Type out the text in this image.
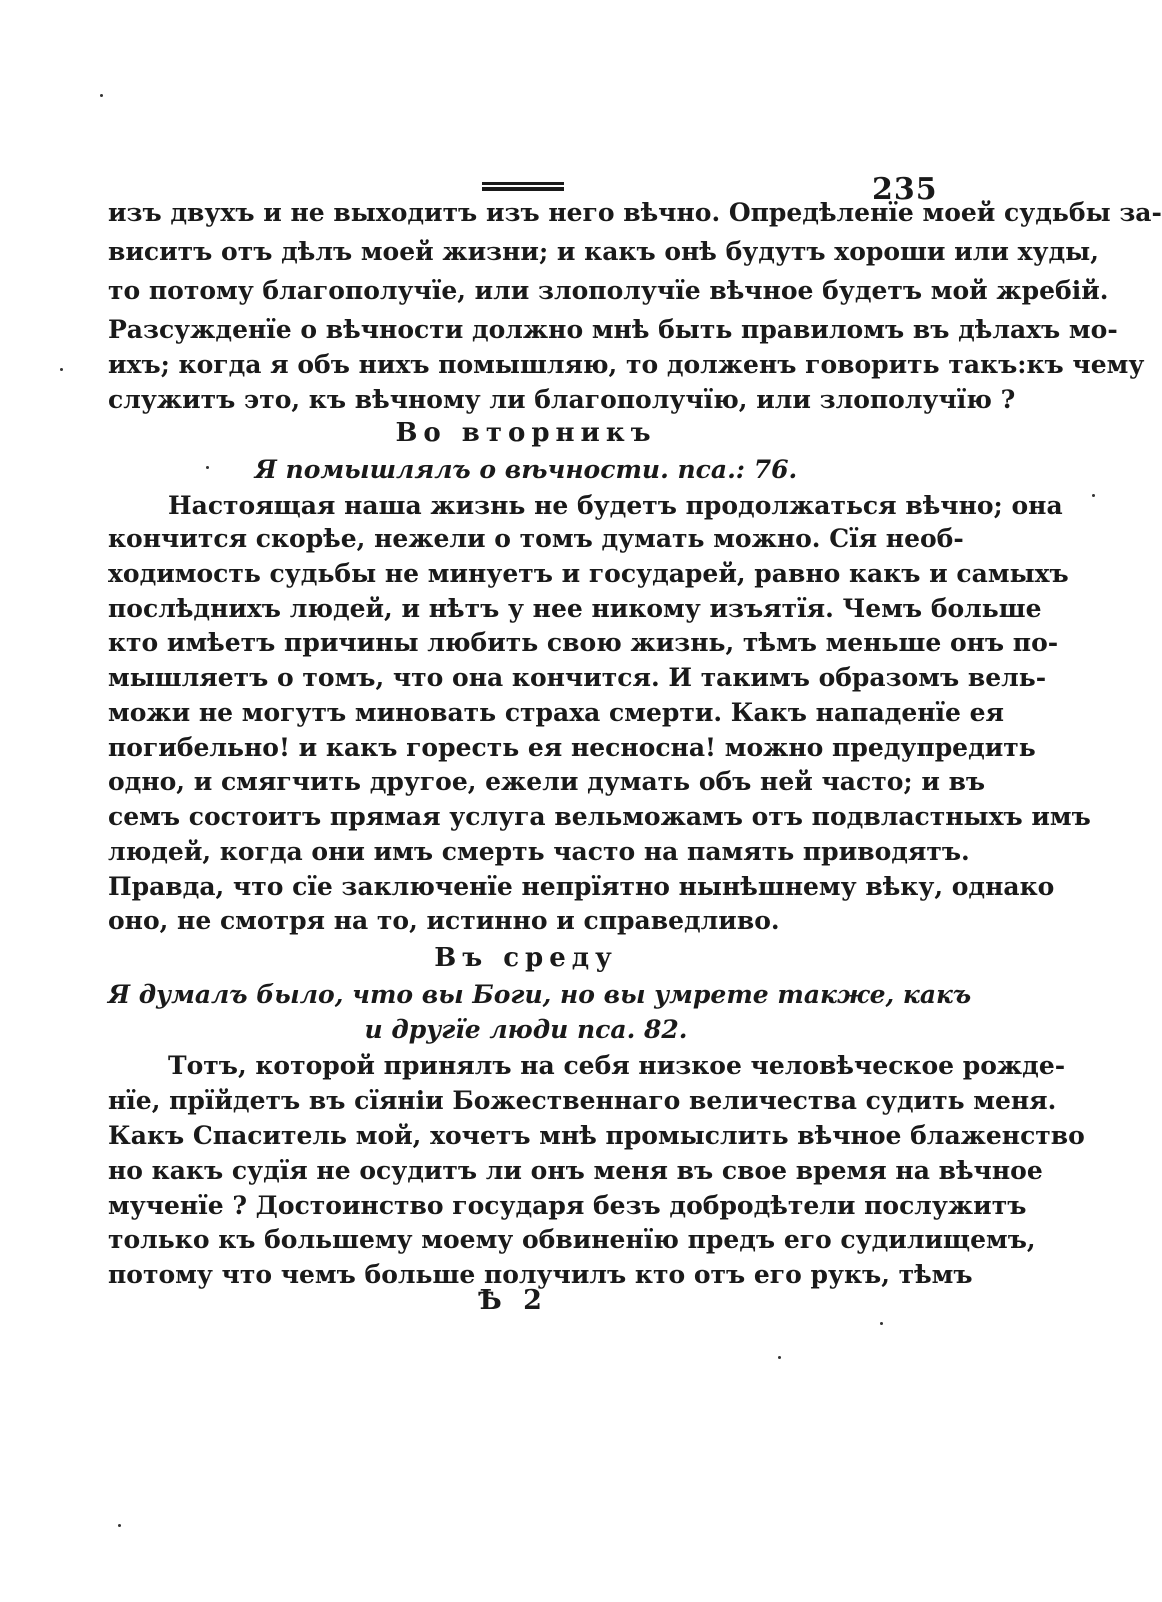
235
изъ двухъ и не выходитъ изъ него вѣчно. Опредѣленїе моей судьбы за-
виситъ отъ дѣлъ моей жизни; и какъ онѣ будутъ хороши или худы,
то потому благополучїе, или злополучїе вѣчное будетъ мой жребiй.
Разсужденїе о вѣчности должно мнѣ быть правиломъ въ дѣлахъ мо-
ихъ; когда я объ нихъ помышляю, то долженъ говорить такъ:къ чему
служитъ это, къ вѣчному ли благополучїю, или злополучїю ?
Во вторникъ
Я помышлялъ о вѣчности. пса.: 76.
Настоящая наша жизнь не будетъ продолжаться вѣчно; она
кончится скорѣе, нежели о томъ думать можно. Сїя необ-
ходимость судьбы не минуетъ и государей, равно какъ и самыхъ
послѣднихъ людей, и нѣтъ у нее никому изъятїя. Чемъ больше
кто имѣетъ причины любить свою жизнь, тѣмъ меньше онъ по-
мышляетъ о томъ, что она кончится. И такимъ образомъ вель-
можи не могутъ миновать страха смерти. Какъ нападенїе ея
погибельно! и какъ горесть ея несносна! можно предупредить
одно, и смягчить другое, ежели думать объ ней часто; и въ
семъ состоитъ прямая услуга вельможамъ отъ подвластныхъ имъ
людей, когда они имъ смерть часто на память приводятъ.
Правда, что сїе заключенїе непрїятно нынѣшнему вѣку, однако
оно, не смотря на то, истинно и справедливо.
Въ среду
Я думалъ было, что вы Боги, но вы умрете также, какъ
и другїе люди пса. 82.
Тотъ, которой принялъ на себя низкое человѣческое рожде-
нїе, прїйдетъ въ сїянiи Божественнаго величества судить меня.
Какъ Спаситель мой, хочетъ мнѣ промыслить вѣчное блаженство
но какъ судїя не осудитъ ли онъ меня въ свое время на вѣчное
мученїе ? Достоинство государя безъ добродѣтели послужитъ
только къ большему моему обвиненїю предъ его судилищемъ,
потому что чемъ больше получилъ кто отъ его рукъ, тѣмъ
Ѣ 2
